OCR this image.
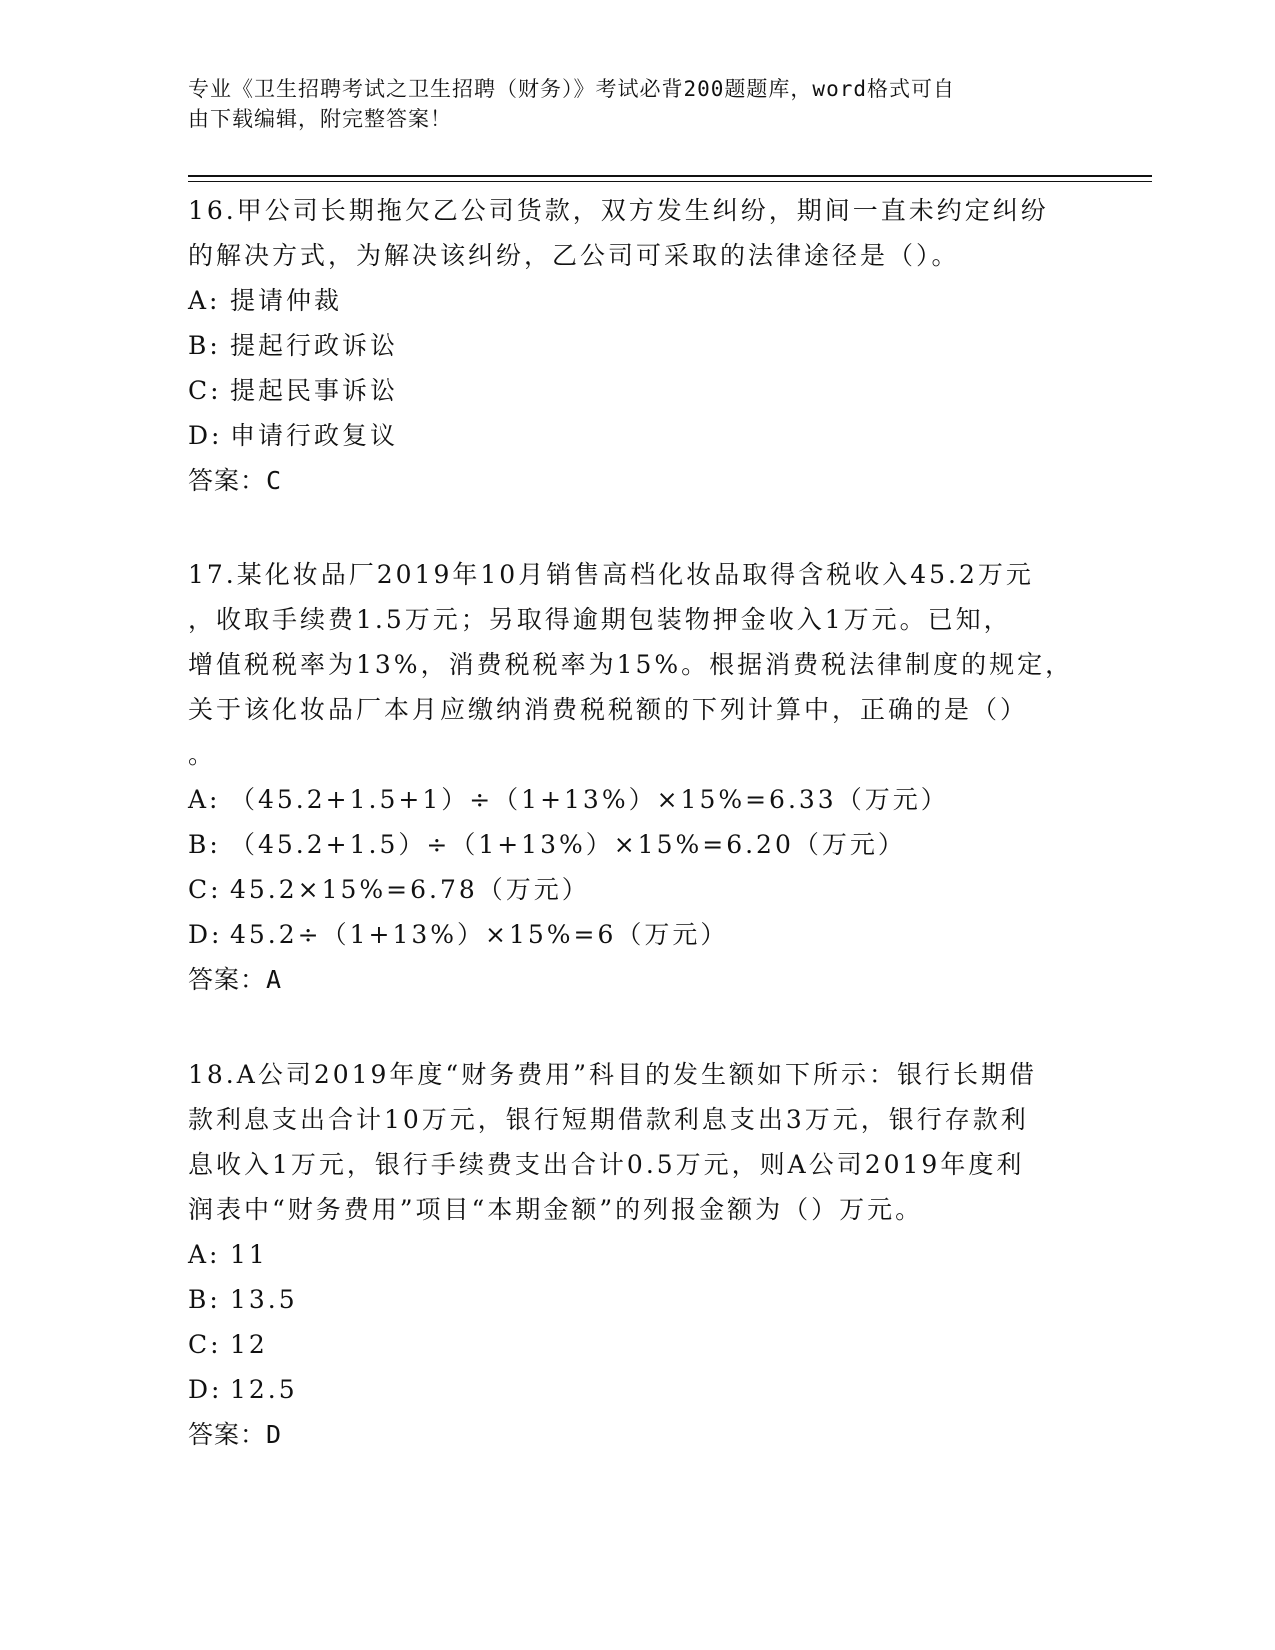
专业《卫生招聘考试之卫生招聘（财务）》考试必背200题题库，word格式可自
由下载编辑，附完整答案！
16.甲公司长期拖欠乙公司货款，双方发生纠纷，期间一直未约定纠纷
的解决方式，为解决该纠纷，乙公司可采取的法律途径是（）。
A: 提请仲裁
B: 提起行政诉讼
C: 提起民事诉讼
D: 申请行政复议
答案：C
17.某化妆品厂2019年10月销售高档化妆品取得含税收入45.2万元
，收取手续费1.5万元；另取得逾期包装物押金收入1万元。已知，
增值税税率为13%，消费税税率为15%。根据消费税法律制度的规定，
关于该化妆品厂本月应缴纳消费税税额的下列计算中，正确的是（）
。
A: （45.2+1.5+1）÷（1+13%）×15%=6.33（万元）
B: （45.2+1.5）÷（1+13%）×15%=6.20（万元）
C: 45.2×15%=6.78（万元）
D: 45.2÷（1+13%）×15%=6（万元）
答案：A
18.A公司2019年度“财务费用”科目的发生额如下所示：银行长期借
款利息支出合计10万元，银行短期借款利息支出3万元，银行存款利
息收入1万元，银行手续费支出合计0.5万元，则A公司2019年度利
润表中“财务费用”项目“本期金额”的列报金额为（）万元。
A: 11
B: 13.5
C: 12
D: 12.5
答案：D
